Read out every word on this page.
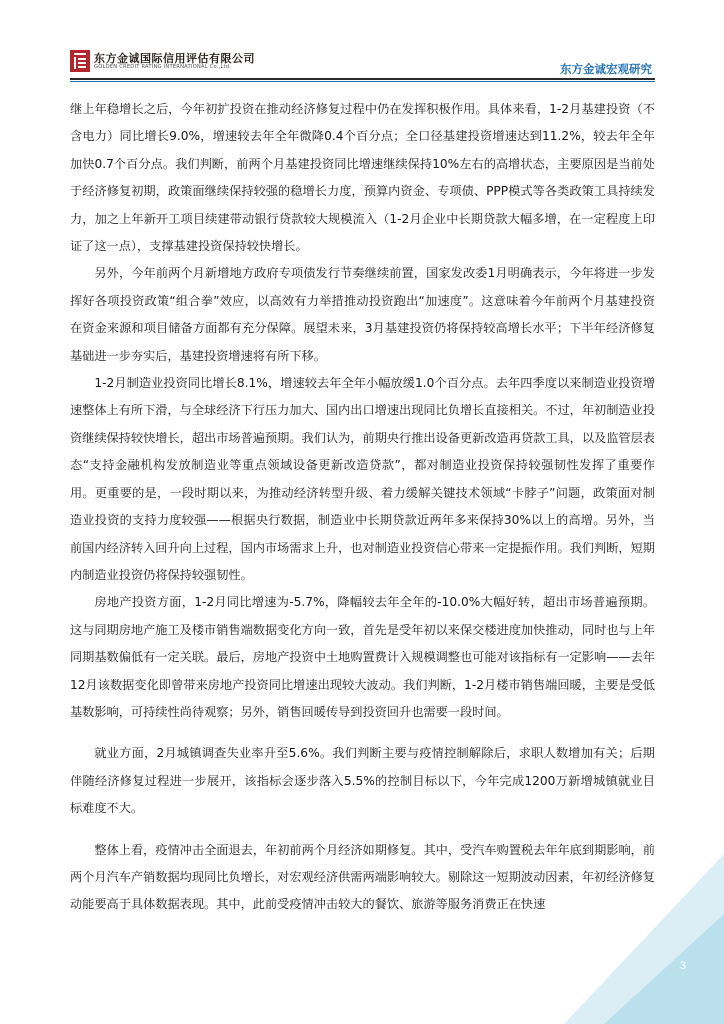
东方金诚国际信用评估有限公司
GOLDEN CREDIT RATING INTERNATIONAL Co.,Ltd.	东方金诚宏观研究

继上年稳增长之后，今年初扩投资在推动经济修复过程中仍在发挥积极作用。具体来看，1-2月基建投资（不含电力）同比增长9.0%，增速较去年全年微降0.4个百分点；全口径基建投资增速达到11.2%，较去年全年加快0.7个百分点。我们判断，前两个月基建投资同比增速继续保持10%左右的高增状态，主要原因是当前处于经济修复初期，政策面继续保持较强的稳增长力度，预算内资金、专项债、PPP模式等各类政策工具持续发力，加之上年新开工项目续建带动银行贷款较大规模流入（1-2月企业中长期贷款大幅多增，在一定程度上印证了这一点），支撑基建投资保持较快增长。

另外，今年前两个月新增地方政府专项债发行节奏继续前置，国家发改委1月明确表示，今年将进一步发挥好各项投资政策“组合拳”效应，以高效有力举措推动投资跑出“加速度”。这意味着今年前两个月基建投资在资金来源和项目储备方面都有充分保障。展望未来，3月基建投资仍将保持较高增长水平；下半年经济修复基础进一步夯实后，基建投资增速将有所下移。

1-2月制造业投资同比增长8.1%，增速较去年全年小幅放缓1.0个百分点。去年四季度以来制造业投资增速整体上有所下滑，与全球经济下行压力加大、国内出口增速出现同比负增长直接相关。不过，年初制造业投资继续保持较快增长，超出市场普遍预期。我们认为，前期央行推出设备更新改造再贷款工具，以及监管层表态“支持金融机构发放制造业等重点领域设备更新改造贷款”，都对制造业投资保持较强韧性发挥了重要作用。更重要的是，一段时期以来，为推动经济转型升级、着力缓解关键技术领域“卡脖子”问题，政策面对制造业投资的支持力度较强——根据央行数据，制造业中长期贷款近两年多来保持30%以上的高增。另外，当前国内经济转入回升向上过程，国内市场需求上升，也对制造业投资信心带来一定提振作用。我们判断，短期内制造业投资仍将保持较强韧性。

房地产投资方面，1-2月同比增速为-5.7%，降幅较去年全年的-10.0%大幅好转，超出市场普遍预期。这与同期房地产施工及楼市销售端数据变化方向一致，首先是受年初以来保交楼进度加快推动，同时也与上年同期基数偏低有一定关联。最后，房地产投资中土地购置费计入规模调整也可能对该指标有一定影响——去年12月该数据变化即曾带来房地产投资同比增速出现较大波动。我们判断，1-2月楼市销售端回暖，主要是受低基数影响，可持续性尚待观察；另外，销售回暖传导到投资回升也需要一段时间。

就业方面，2月城镇调查失业率升至5.6%。我们判断主要与疫情控制解除后，求职人数增加有关；后期伴随经济修复过程进一步展开，该指标会逐步落入5.5%的控制目标以下，今年完成1200万新增城镇就业目标难度不大。

整体上看，疫情冲击全面退去，年初前两个月经济如期修复。其中，受汽车购置税去年年底到期影响，前两个月汽车产销数据均现同比负增长，对宏观经济供需两端影响较大。剔除这一短期波动因素，年初经济修复动能要高于具体数据表现。其中，此前受疫情冲击较大的餐饮、旅游等服务消费正在快速

3
